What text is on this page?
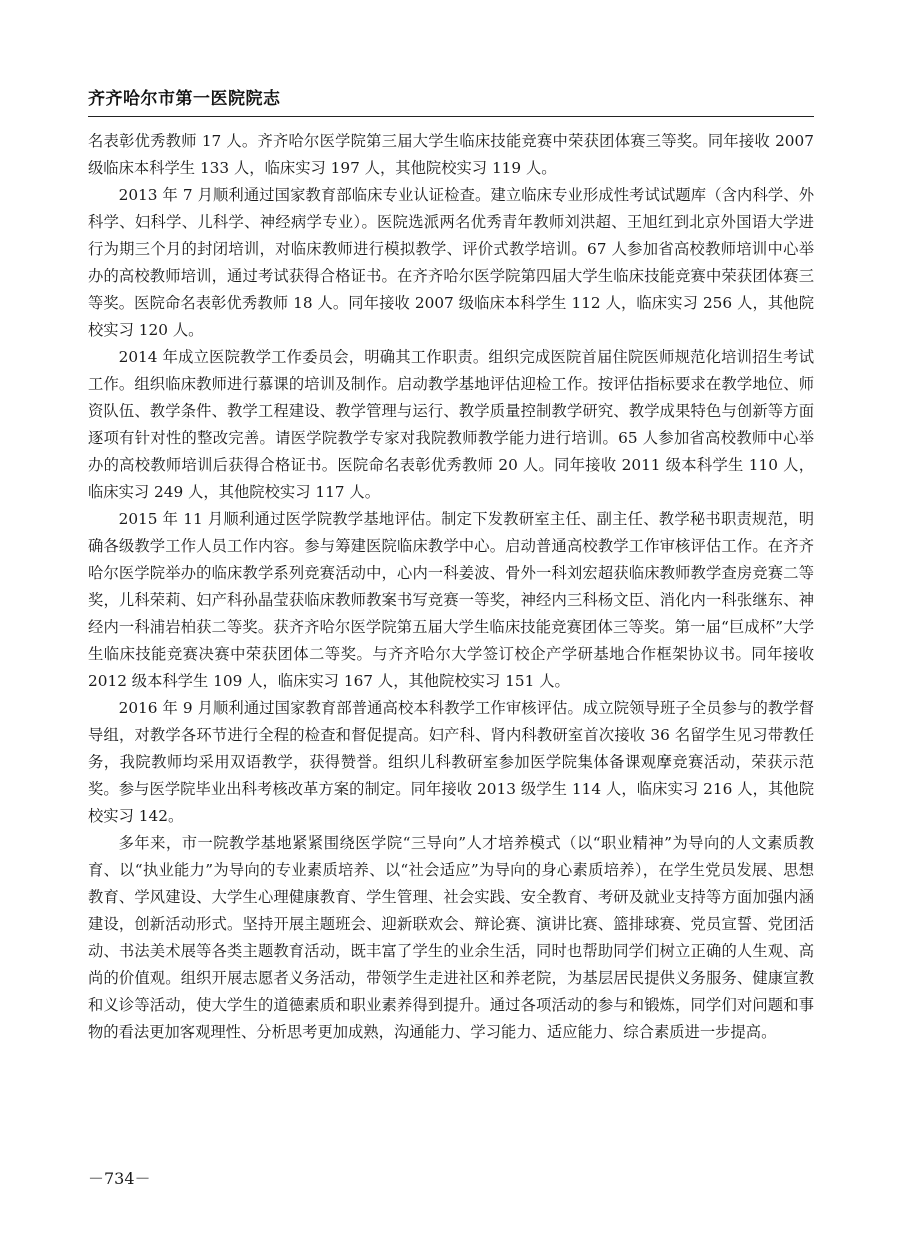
齐齐哈尔市第一医院院志

名表彰优秀教师 17 人。齐齐哈尔医学院第三届大学生临床技能竞赛中荣获团体赛三等奖。同年接收 2007 级临床本科学生 133 人，临床实习 197 人，其他院校实习 119 人。

2013 年 7 月顺利通过国家教育部临床专业认证检查。建立临床专业形成性考试试题库（含内科学、外科学、妇科学、儿科学、神经病学专业）。医院选派两名优秀青年教师刘洪超、王旭红到北京外国语大学进行为期三个月的封闭培训，对临床教师进行模拟教学、评价式教学培训。67 人参加省高校教师培训中心举办的高校教师培训，通过考试获得合格证书。在齐齐哈尔医学院第四届大学生临床技能竞赛中荣获团体赛三等奖。医院命名表彰优秀教师 18 人。同年接收 2007 级临床本科学生 112 人，临床实习 256 人，其他院校实习 120 人。

2014 年成立医院教学工作委员会，明确其工作职责。组织完成医院首届住院医师规范化培训招生考试工作。组织临床教师进行慕课的培训及制作。启动教学基地评估迎检工作。按评估指标要求在教学地位、师资队伍、教学条件、教学工程建设、教学管理与运行、教学质量控制教学研究、教学成果特色与创新等方面逐项有针对性的整改完善。请医学院教学专家对我院教师教学能力进行培训。65 人参加省高校教师中心举办的高校教师培训后获得合格证书。医院命名表彰优秀教师 20 人。同年接收 2011 级本科学生 110 人，临床实习 249 人，其他院校实习 117 人。

2015 年 11 月顺利通过医学院教学基地评估。制定下发教研室主任、副主任、教学秘书职责规范，明确各级教学工作人员工作内容。参与筹建医院临床教学中心。启动普通高校教学工作审核评估工作。在齐齐哈尔医学院举办的临床教学系列竞赛活动中，心内一科姜波、骨外一科刘宏超获临床教师教学查房竞赛二等奖，儿科荣莉、妇产科孙晶莹获临床教师教案书写竞赛一等奖，神经内三科杨文臣、消化内一科张继东、神经内一科浦岩柏获二等奖。获齐齐哈尔医学院第五届大学生临床技能竞赛团体三等奖。第一届“巨成杯”大学生临床技能竞赛决赛中荣获团体二等奖。与齐齐哈尔大学签订校企产学研基地合作框架协议书。同年接收 2012 级本科学生 109 人，临床实习 167 人，其他院校实习 151 人。

2016 年 9 月顺利通过国家教育部普通高校本科教学工作审核评估。成立院领导班子全员参与的教学督导组，对教学各环节进行全程的检查和督促提高。妇产科、肾内科教研室首次接收 36 名留学生见习带教任务，我院教师均采用双语教学，获得赞誉。组织儿科教研室参加医学院集体备课观摩竞赛活动，荣获示范奖。参与医学院毕业出科考核改革方案的制定。同年接收 2013 级学生 114 人，临床实习 216 人，其他院校实习 142。

多年来，市一院教学基地紧紧围绕医学院“三导向”人才培养模式（以“职业精神”为导向的人文素质教育、以“执业能力”为导向的专业素质培养、以“社会适应”为导向的身心素质培养），在学生党员发展、思想教育、学风建设、大学生心理健康教育、学生管理、社会实践、安全教育、考研及就业支持等方面加强内涵建设，创新活动形式。坚持开展主题班会、迎新联欢会、辩论赛、演讲比赛、篮排球赛、党员宣誓、党团活动、书法美术展等各类主题教育活动，既丰富了学生的业余生活，同时也帮助同学们树立正确的人生观、高尚的价值观。组织开展志愿者义务活动，带领学生走进社区和养老院，为基层居民提供义务服务、健康宣教和义诊等活动，使大学生的道德素质和职业素养得到提升。通过各项活动的参与和锻炼，同学们对问题和事物的看法更加客观理性、分析思考更加成熟，沟通能力、学习能力、适应能力、综合素质进一步提高。

－734－
